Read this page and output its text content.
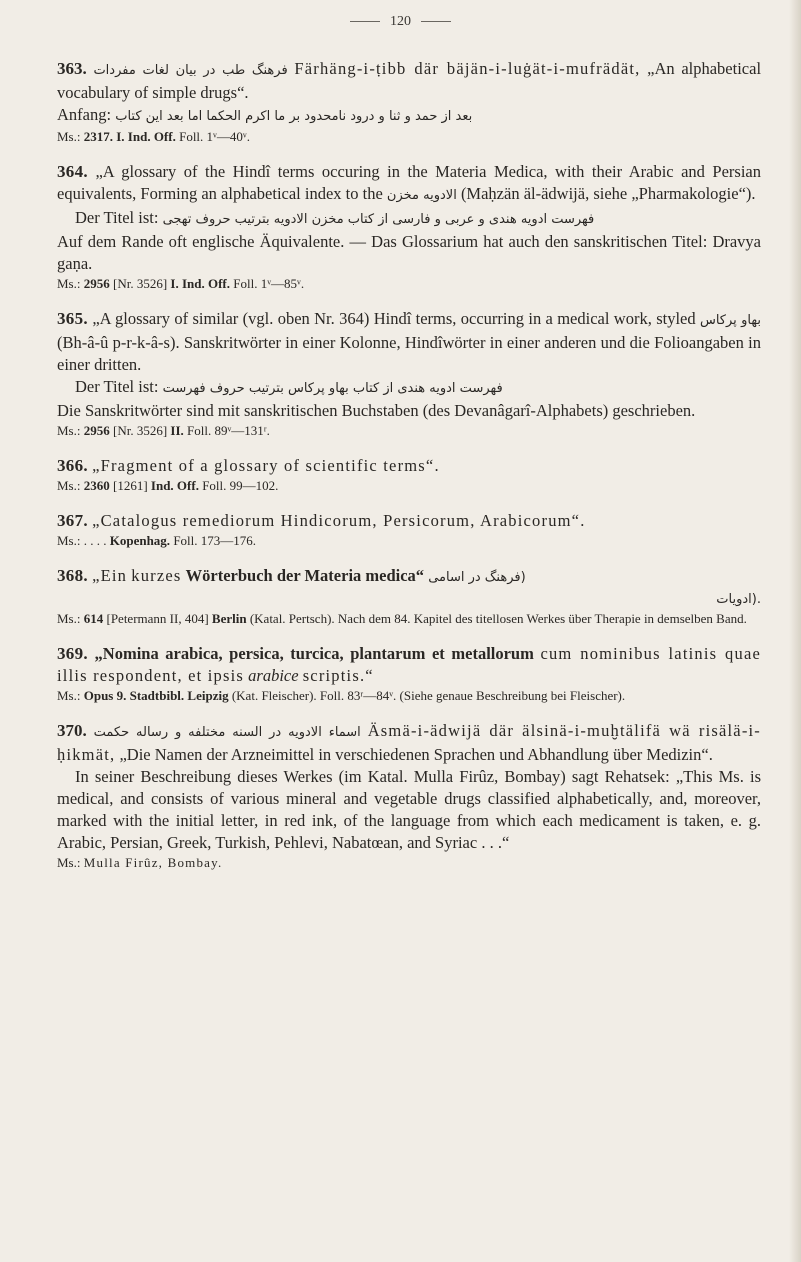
120

363. فرهنگ طب در بیان لغات مفردات Färhäng-i-ṭibb där bäjän-i-luġät-i-mufrädät, „An alphabetical vocabulary of simple drugs“.

Anfang: بعد از حمد و ثنا و درود نامحدود بر ما اکرم الحکما اما بعد این کتاب

Ms.: 2317. I. Ind. Off. Foll. 1ᵛ—40ᵛ.

364. „A glossary of the Hindî terms occuring in the Materia Medica, with their Arabic and Persian equivalents, Forming an alphabetical index to the	الادویه مخزن	(Maḥzän äl-ädwijä, siehe „Pharmakologie“).

Der Titel ist: فهرست ادویه هندی و عربی و فارسی از کتاب مخزن الادویه بترتیب حروف تهجی

Auf dem Rande oft englische Äquivalente. — Das Glossarium hat auch den sanskritischen Titel: Dravya gaṇa.

Ms.: 2956 [Nr. 3526] I. Ind. Off. Foll. 1ᵛ—85ᵛ.

365. „A glossary of similar (vgl. oben Nr. 364) Hindî terms, occurring in a medical work, styled بهاو پرکاس (Bh-â-û p-r-k-â-s). Sanskritwörter in einer Kolonne, Hindîwörter in einer anderen und die Folioangaben in einer dritten.

Der Titel ist: فهرست ادویه هندی از کتاب بهاو پرکاس بترتیب حروف فهرست

Die Sanskritwörter sind mit sanskritischen Buchstaben (des Devanâgarî-Alphabets) geschrieben.

Ms.: 2956 [Nr. 3526] II. Foll. 89ᵛ—131ʳ.

366. „Fragment of a glossary of scientific terms“.

Ms.: 2360 [1261] Ind. Off. Foll. 99—102.

367. „Catalogus remediorum Hindicorum, Persicorum, Arabicorum“.

Ms.: . . . . Kopenhag. Foll. 173—176.

368. „Ein kurzes Wörterbuch der Materia medica“ (فرهنگ در اسامی

.(ادویات

Ms.: 614 [Petermann II, 404] Berlin (Katal. Pertsch). Nach dem 84. Kapitel des titellosen Werkes über Therapie in demselben Band.

369. „Nomina arabica, persica, turcica, plantarum et metallorum cum nominibus latinis quae illis respondent, et ipsis arabice scriptis.“

Ms.: Opus 9. Stadtbibl. Leipzig (Kat. Fleischer). Foll. 83ʳ—84ᵛ. (Siehe genaue Beschreibung bei Fleischer).

370. اسماء الادویه در السنه مختلفه و رساله حکمت Äsmä-i-ädwijä där älsinä-i-muḫtälifä wä risälä-i-ḥikmät, „Die Namen der Arzneimittel in verschiedenen Sprachen und Abhandlung über Medizin“.

In seiner Beschreibung dieses Werkes (im Katal. Mulla Firûz, Bombay) sagt Rehatsek: „This Ms. is medical, and consists of various mineral and vegetable drugs classified alphabetically, and, moreover, marked with the initial letter, in red ink, of the language from which each medicament is taken, e. g. Arabic, Persian, Greek, Turkish, Pehlevi, Nabatœan, and Syriac . . .“

Ms.: Mulla Firûz, Bombay.
